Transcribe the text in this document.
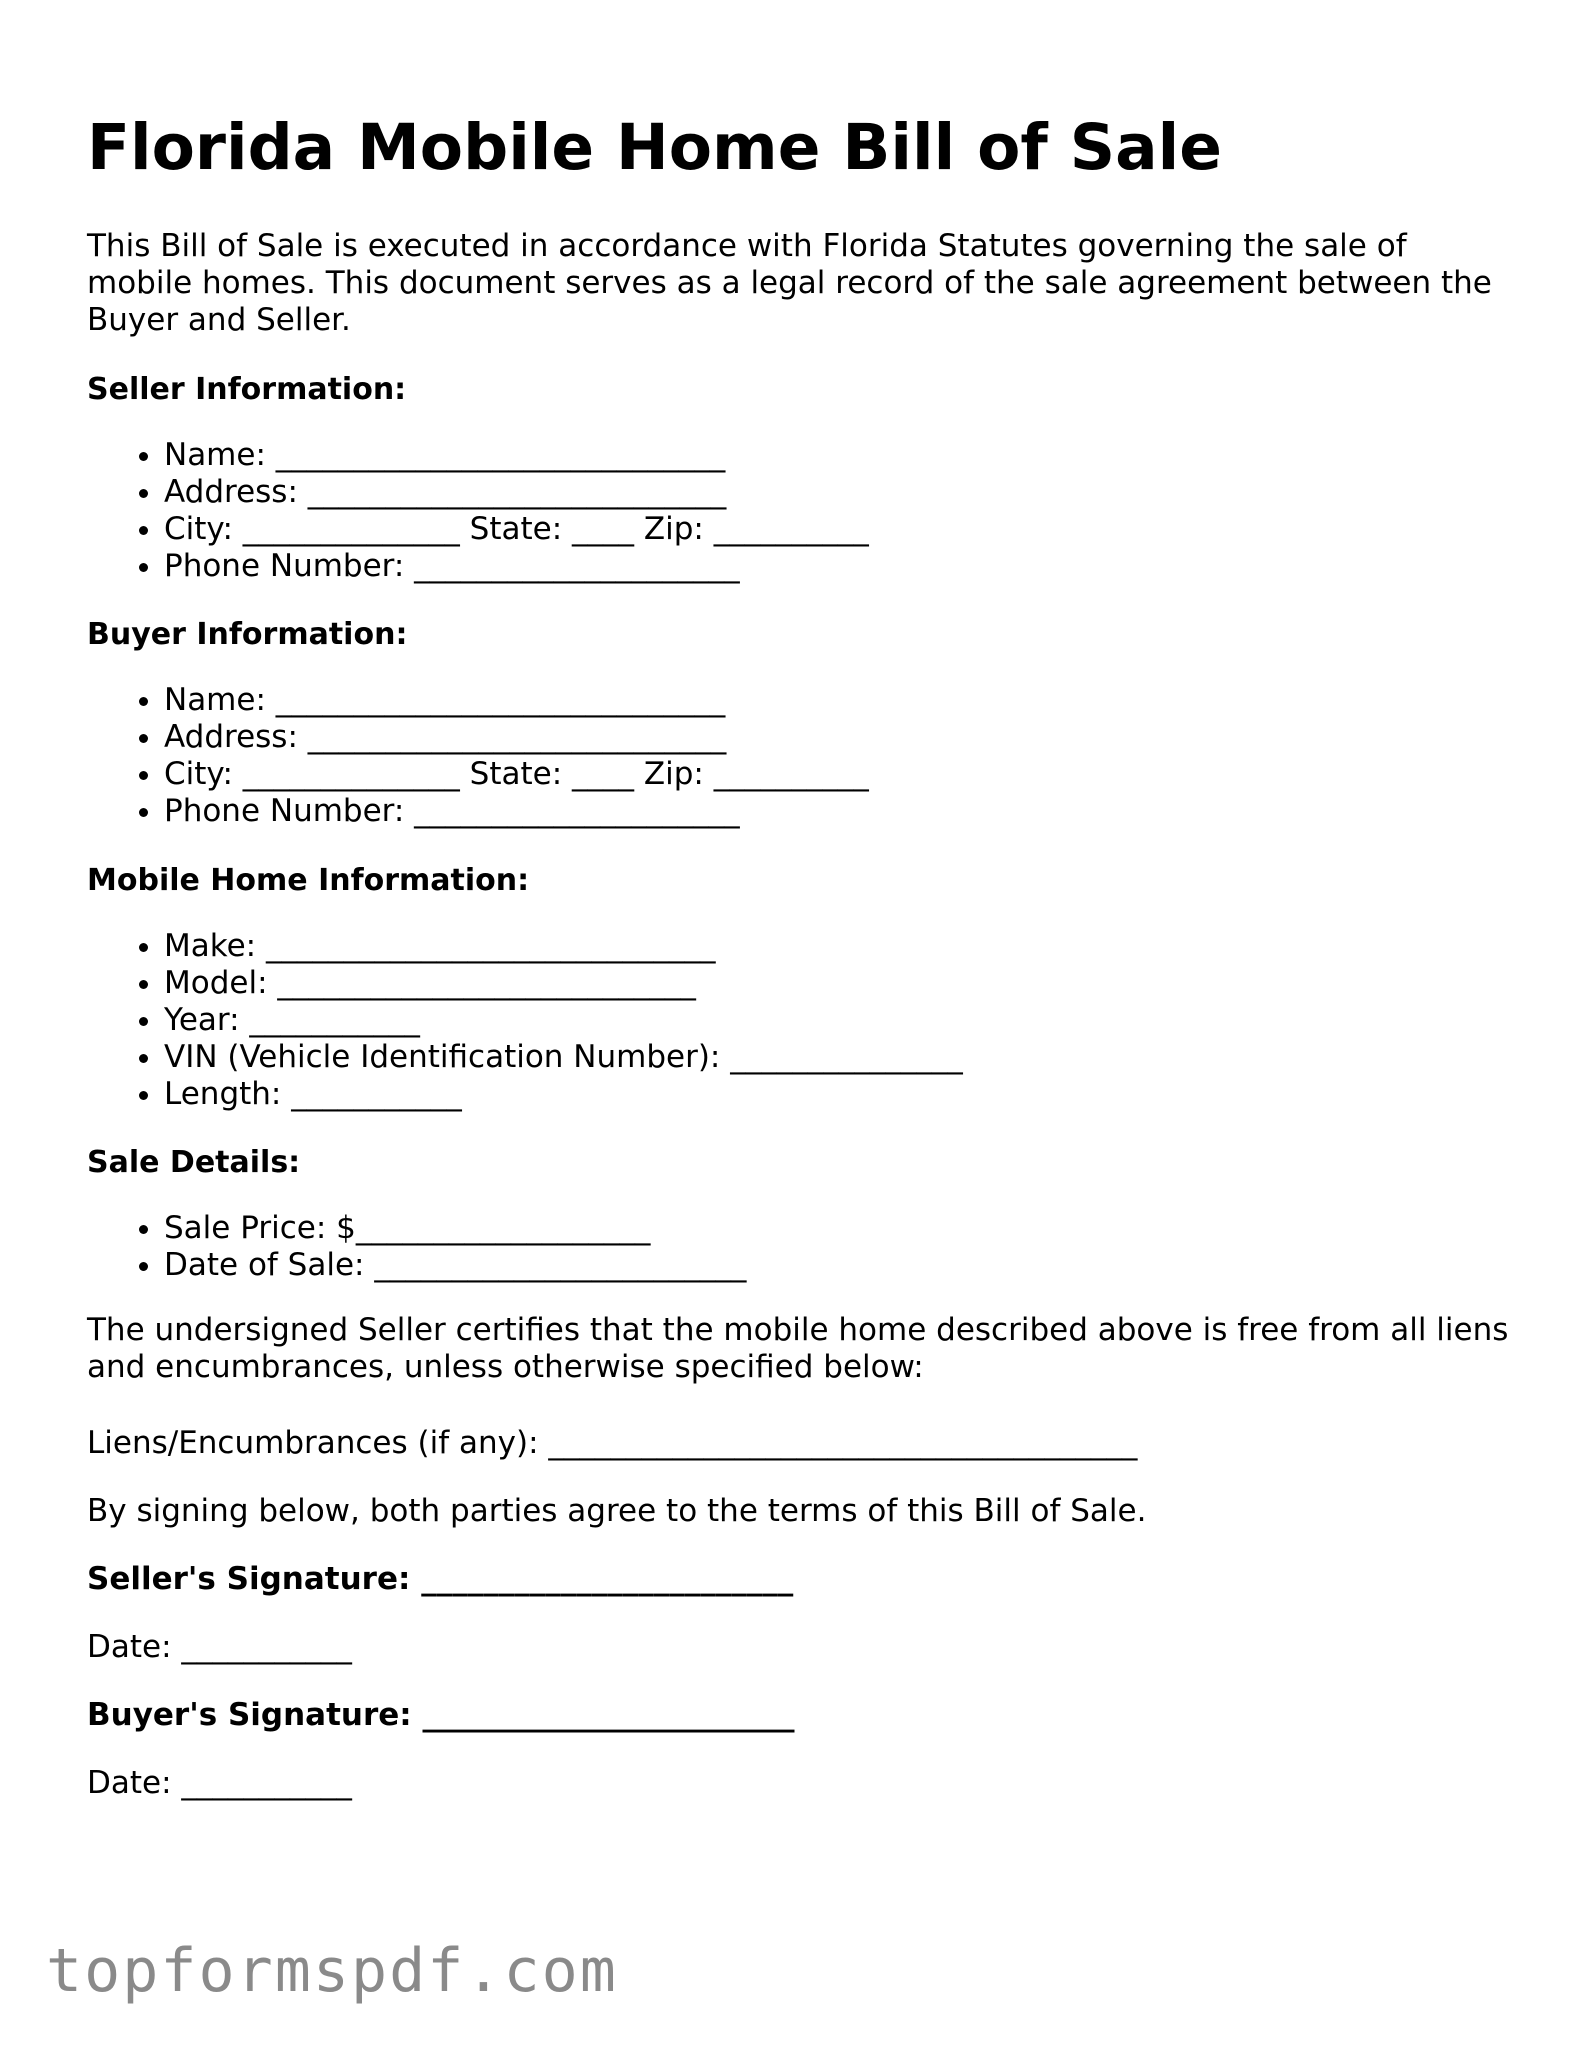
Florida Mobile Home Bill of Sale

This Bill of Sale is executed in accordance with Florida Statutes governing the sale of mobile homes. This document serves as a legal record of the sale agreement between the Buyer and Seller.

Seller Information:
• Name: _____________________________
• Address: ___________________________
• City: ______________ State: ____ Zip: __________
• Phone Number: _____________________
Buyer Information:
• Name: _____________________________
• Address: ___________________________
• City: ______________ State: ____ Zip: __________
• Phone Number: _____________________
Mobile Home Information:
• Make: _____________________________
• Model: ___________________________
• Year: ___________
• VIN (Vehicle Identification Number): _______________
• Length: ___________
Sale Details:
• Sale Price: $___________________
• Date of Sale: ________________________

The undersigned Seller certifies that the mobile home described above is free from all liens and encumbrances, unless otherwise specified below:

Liens/Encumbrances (if any): ______________________________________

By signing below, both parties agree to the terms of this Bill of Sale.

Seller's Signature: ________________________

Date: ___________

Buyer's Signature: ________________________

Date: ___________

topformspdf.com
